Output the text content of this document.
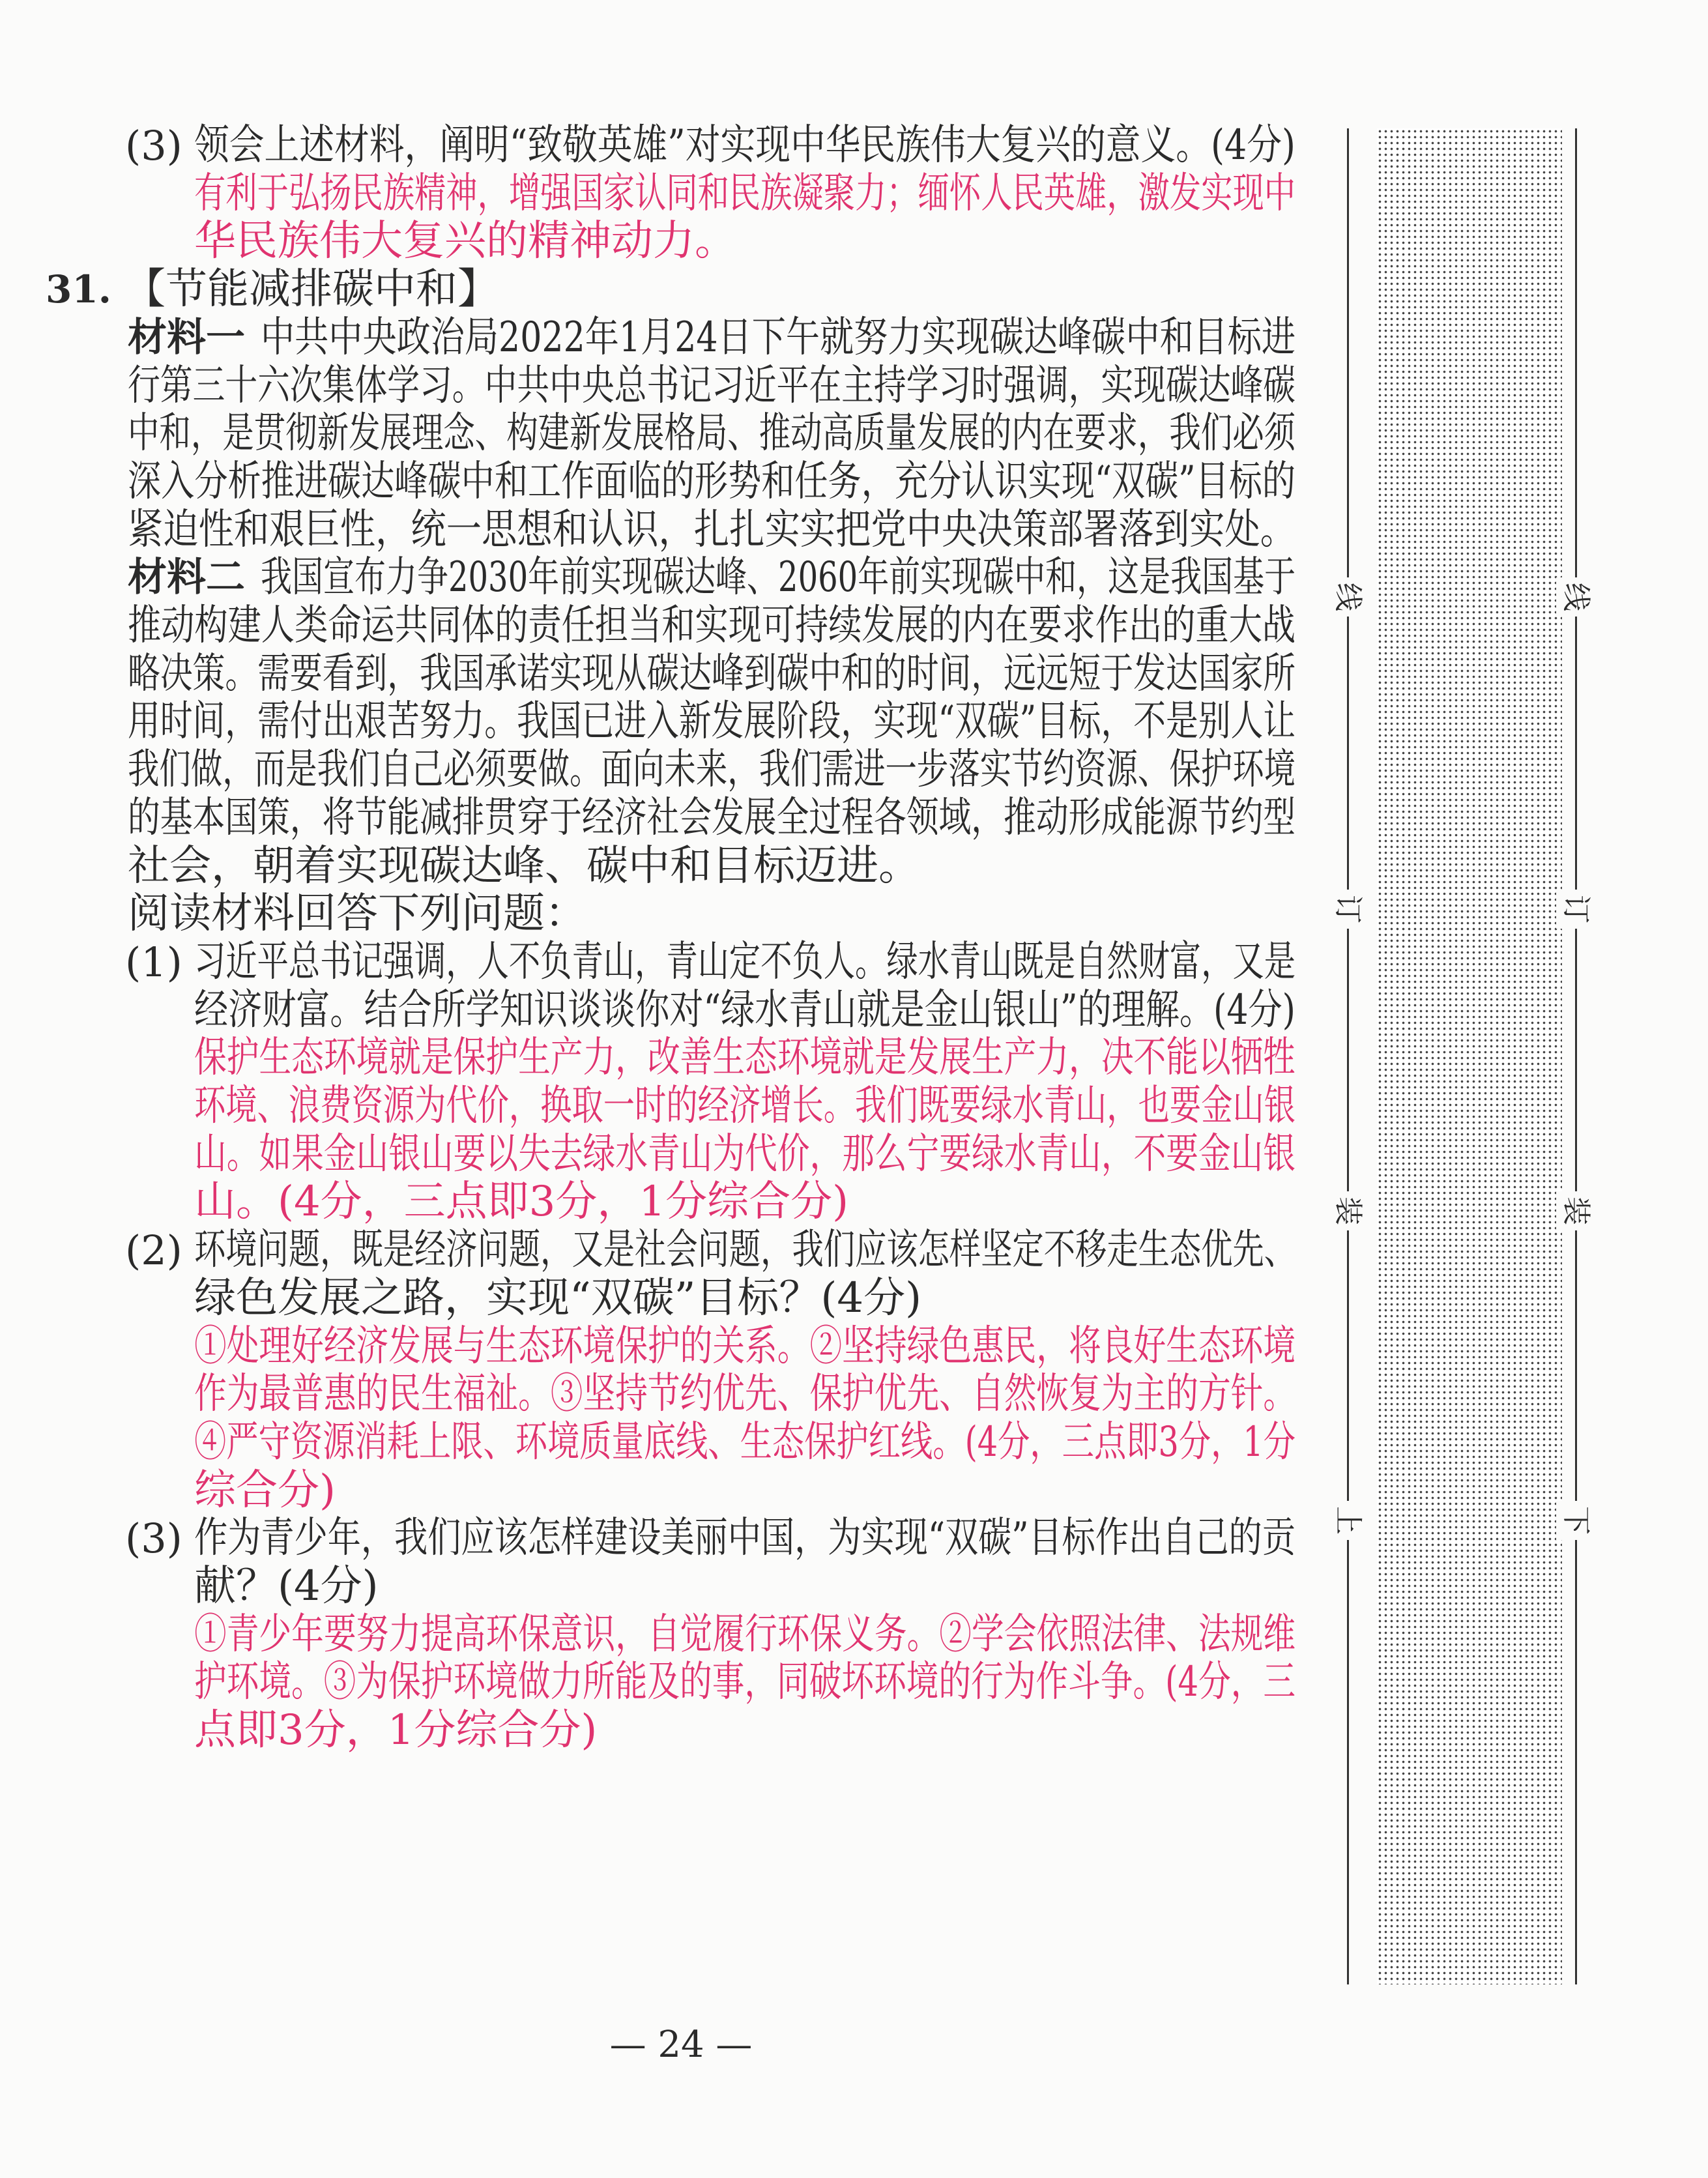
(3) 领会上述材料，阐明“致敬英雄”对实现中华民族伟大复兴的意义。(4分)
有利于弘扬民族精神，增强国家认同和民族凝聚力；缅怀人民英雄，激发实现中
华民族伟大复兴的精神动力。
31. 【节能减排碳中和】
材料一 中共中央政治局2022年1月24日下午就努力实现碳达峰碳中和目标进
行第三十六次集体学习。中共中央总书记习近平在主持学习时强调，实现碳达峰碳
中和，是贯彻新发展理念、构建新发展格局、推动高质量发展的内在要求，我们必须
深入分析推进碳达峰碳中和工作面临的形势和任务，充分认识实现“双碳”目标的
紧迫性和艰巨性，统一思想和认识，扎扎实实把党中央决策部署落到实处。
材料二 我国宣布力争2030年前实现碳达峰、2060年前实现碳中和，这是我国基于
推动构建人类命运共同体的责任担当和实现可持续发展的内在要求作出的重大战
略决策。需要看到，我国承诺实现从碳达峰到碳中和的时间，远远短于发达国家所
用时间，需付出艰苦努力。我国已进入新发展阶段，实现“双碳”目标，不是别人让
我们做，而是我们自己必须要做。面向未来，我们需进一步落实节约资源、保护环境
的基本国策，将节能减排贯穿于经济社会发展全过程各领域，推动形成能源节约型
社会，朝着实现碳达峰、碳中和目标迈进。
阅读材料回答下列问题：
(1) 习近平总书记强调，人不负青山，青山定不负人。绿水青山既是自然财富，又是
经济财富。结合所学知识谈谈你对“绿水青山就是金山银山”的理解。(4分)
保护生态环境就是保护生产力，改善生态环境就是发展生产力，决不能以牺牲
环境、浪费资源为代价，换取一时的经济增长。我们既要绿水青山，也要金山银
山。如果金山银山要以失去绿水青山为代价，那么宁要绿水青山，不要金山银
山。(4分，三点即3分，1分综合分)
(2) 环境问题，既是经济问题，又是社会问题，我们应该怎样坚定不移走生态优先、
绿色发展之路，实现“双碳”目标？(4分)
①处理好经济发展与生态环境保护的关系。②坚持绿色惠民，将良好生态环境
作为最普惠的民生福祉。③坚持节约优先、保护优先、自然恢复为主的方针。
④严守资源消耗上限、环境质量底线、生态保护红线。(4分，三点即3分，1分
综合分)
(3) 作为青少年，我们应该怎样建设美丽中国，为实现“双碳”目标作出自己的贡
献？(4分)
①青少年要努力提高环保意识，自觉履行环保义务。②学会依照法律、法规维
护环境。③为保护环境做力所能及的事，同破坏环境的行为作斗争。(4分，三
点即3分，1分综合分)
线
订
装
上
线
订
装
下
— 24 —
